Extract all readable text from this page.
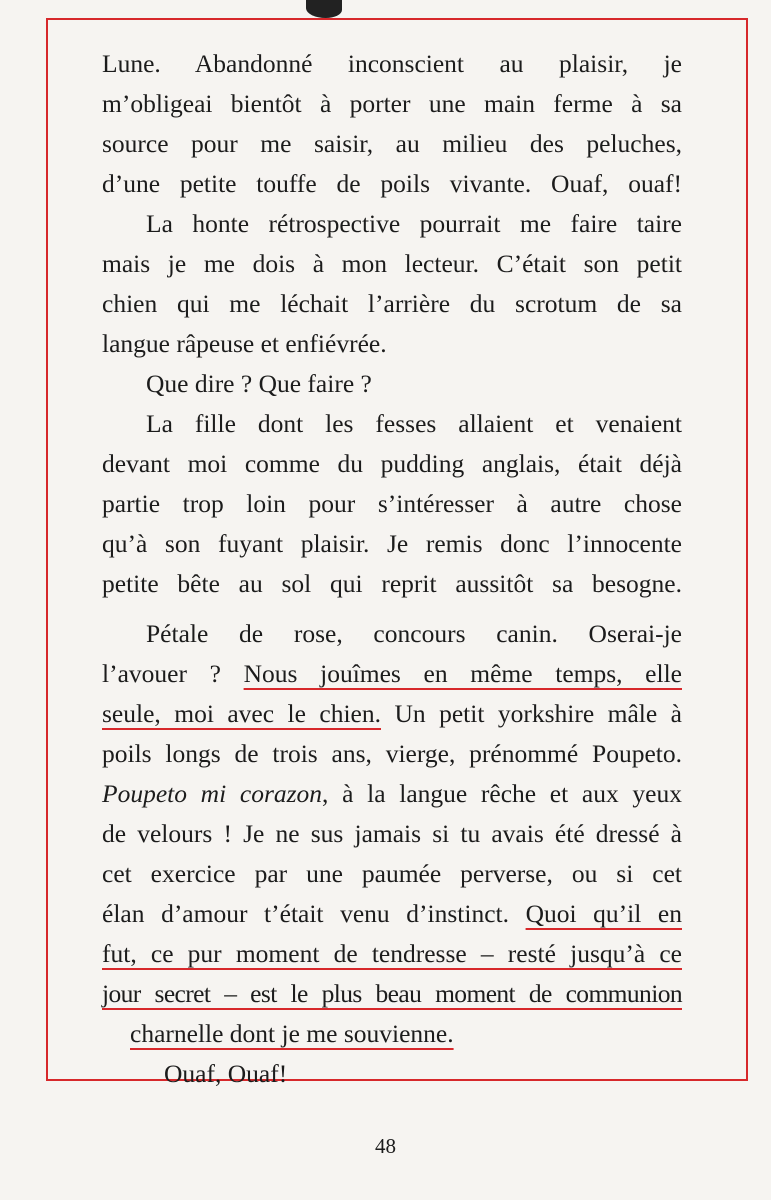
Lune. Abandonné inconscient au plaisir, je
m’obligeai bientôt à porter une main ferme à sa
source pour me saisir, au milieu des peluches,
d’une petite touffe de poils vivante. Ouaf, ouaf!
La honte rétrospective pourrait me faire taire
mais je me dois à mon lecteur. C’était son petit
chien qui me léchait l’arrière du scrotum de sa
langue râpeuse et enfiévrée.
Que dire ? Que faire ?
La fille dont les fesses allaient et venaient
devant moi comme du pudding anglais, était déjà
partie trop loin pour s’intéresser à autre chose
qu’à son fuyant plaisir. Je remis donc l’innocente
petite bête au sol qui reprit aussitôt sa besogne.
Pétale de rose, concours canin. Oserai-je
l’avouer ? Nous jouîmes en même temps, elle
seule, moi avec le chien. Un petit yorkshire mâle à
poils longs de trois ans, vierge, prénommé Poupeto.
Poupeto mi corazon, à la langue rêche et aux yeux
de velours ! Je ne sus jamais si tu avais été dressé à
cet exercice par une paumée perverse, ou si cet
élan d’amour t’était venu d’instinct. Quoi qu’il en
fut, ce pur moment de tendresse – resté jusqu’à ce
jour secret – est le plus beau moment de communion
charnelle dont je me souvienne.
Ouaf, Ouaf!
48
